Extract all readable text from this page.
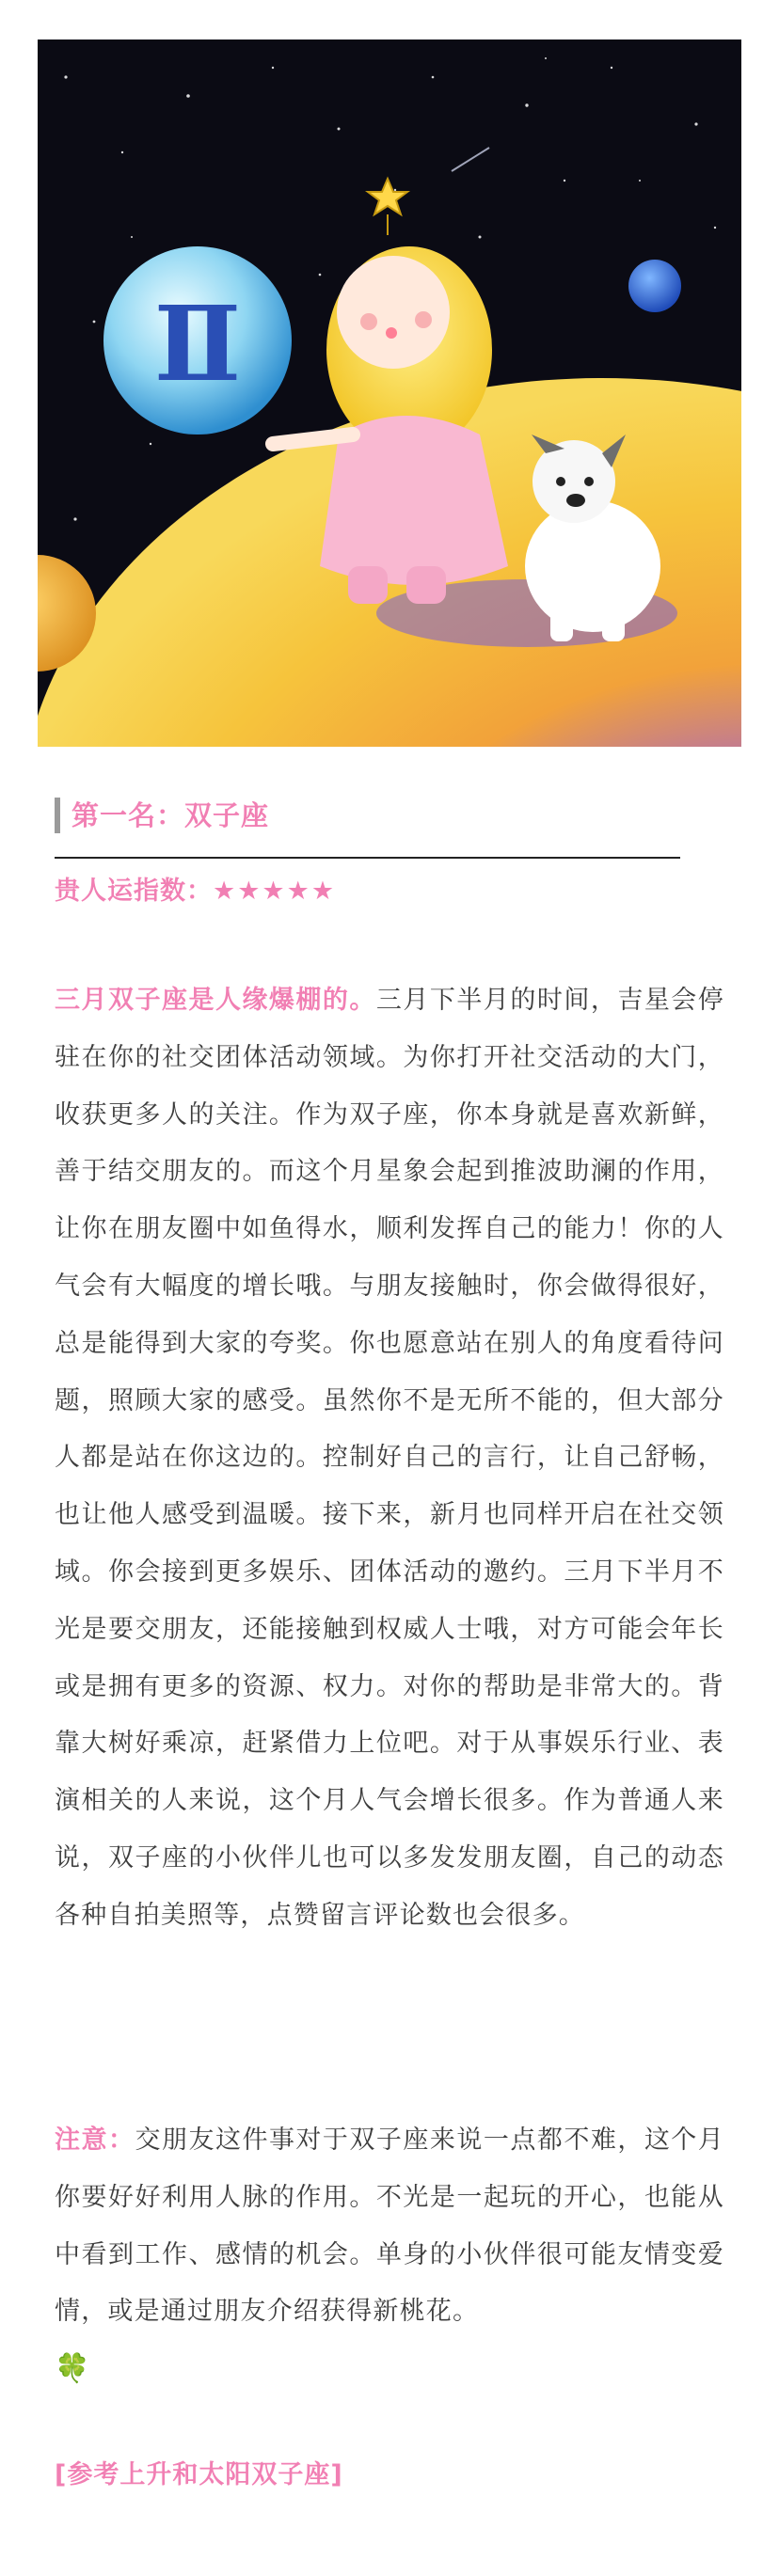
Ⅱ
第一名：双子座
贵人运指数：★★★★★
三月双子座是人缘爆棚的。三月下半月的时间，吉星会停驻在你的社交团体活动领域。为你打开社交活动的大门，收获更多人的关注。作为双子座，你本身就是喜欢新鲜，善于结交朋友的。而这个月星象会起到推波助澜的作用，让你在朋友圈中如鱼得水，顺利发挥自己的能力！你的人气会有大幅度的增长哦。与朋友接触时，你会做得很好，总是能得到大家的夸奖。你也愿意站在别人的角度看待问题，照顾大家的感受。虽然你不是无所不能的，但大部分人都是站在你这边的。控制好自己的言行，让自己舒畅，也让他人感受到温暖。接下来，新月也同样开启在社交领域。你会接到更多娱乐、团体活动的邀约。三月下半月不光是要交朋友，还能接触到权威人士哦，对方可能会年长或是拥有更多的资源、权力。对你的帮助是非常大的。背靠大树好乘凉，赶紧借力上位吧。对于从事娱乐行业、表演相关的人来说，这个月人气会增长很多。作为普通人来说，双子座的小伙伴儿也可以多发发朋友圈，自己的动态各种自拍美照等，点赞留言评论数也会很多。
注意：交朋友这件事对于双子座来说一点都不难，这个月你要好好利用人脉的作用。不光是一起玩的开心，也能从中看到工作、感情的机会。单身的小伙伴很可能友情变爱情，或是通过朋友介绍获得新桃花。
🍀
[参考上升和太阳双子座]
